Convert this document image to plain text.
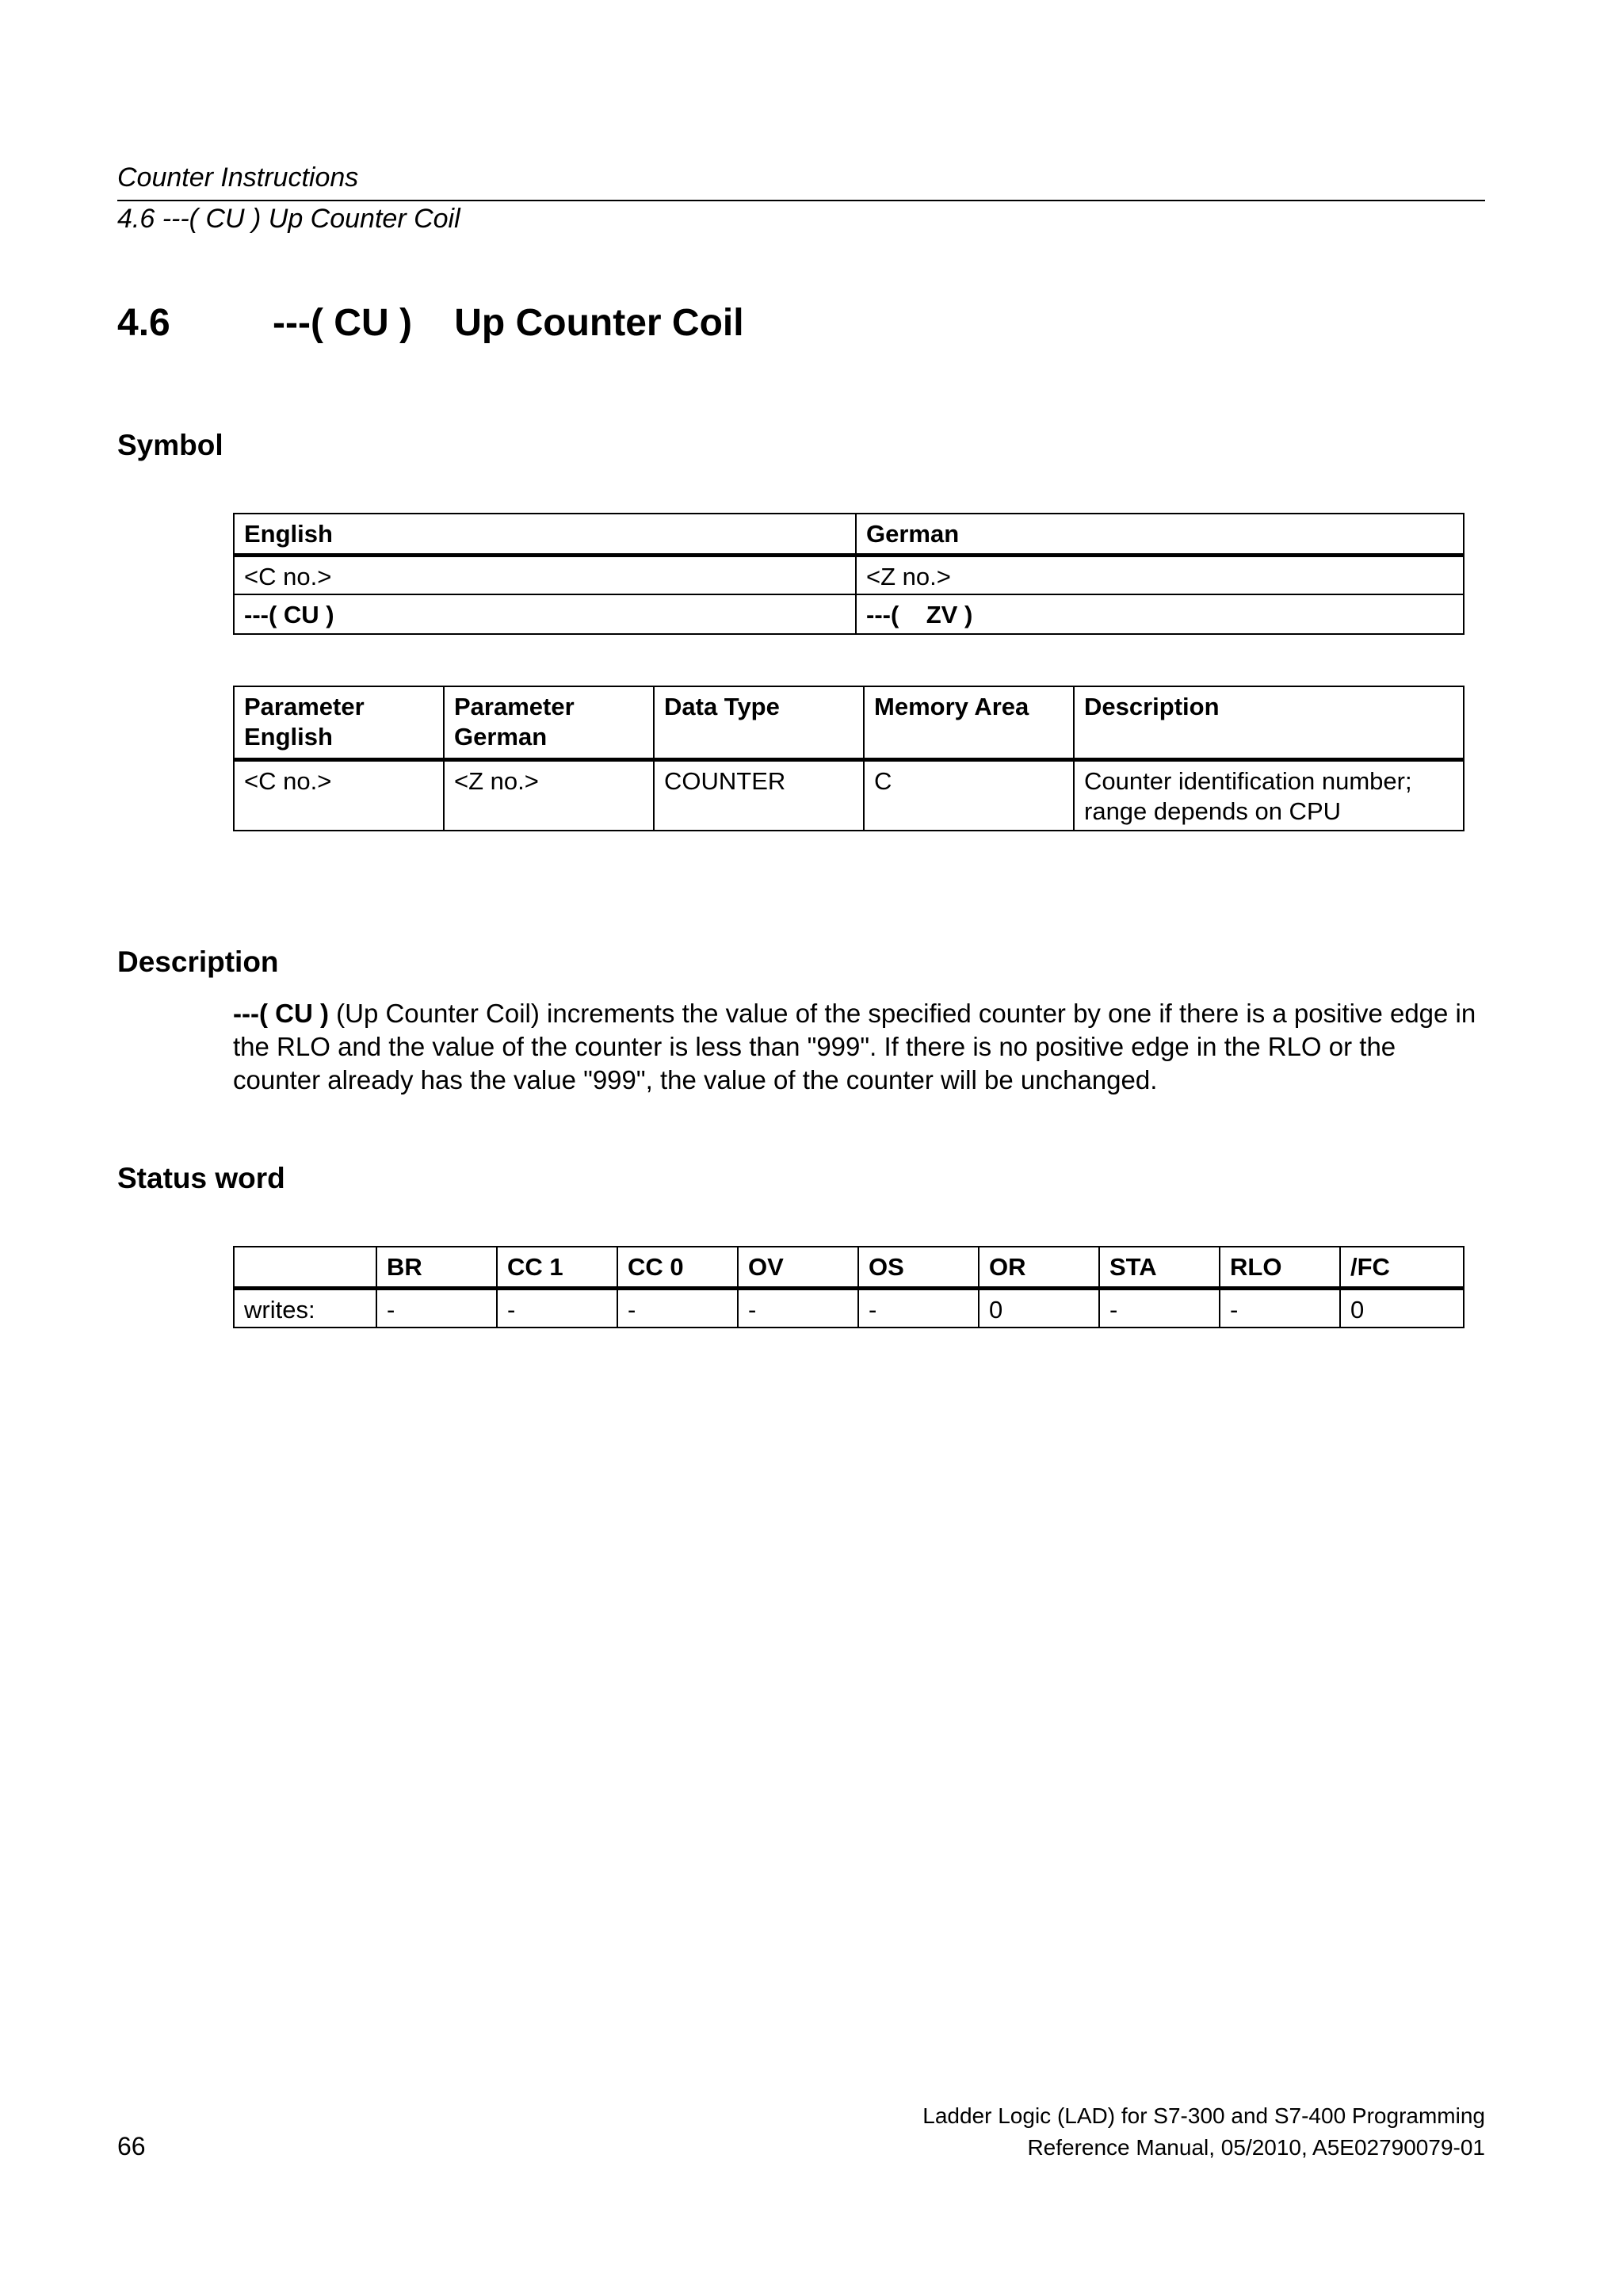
Counter Instructions
4.6 ---( CU ) Up Counter Coil
4.6	---( CU )    Up Counter Coil
Symbol
English	German
<C no.>	<Z no.>
---( CU )	---(    ZV )
Parameter English	Parameter German	Data Type	Memory Area	Description
<C no.>	<Z no.>	COUNTER	C	Counter identification number; range depends on CPU
Description
---( CU ) (Up Counter Coil) increments the value of the specified counter by one if there is a positive edge in the RLO and the value of the counter is less than "999". If there is no positive edge in the RLO or the counter already has the value "999", the value of the counter will be unchanged.
Status word
	BR	CC 1	CC 0	OV	OS	OR	STA	RLO	/FC
writes:	-	-	-	-	-	0	-	-	0
66
Ladder Logic (LAD) for S7-300 and S7-400 Programming
Reference Manual, 05/2010, A5E02790079-01
